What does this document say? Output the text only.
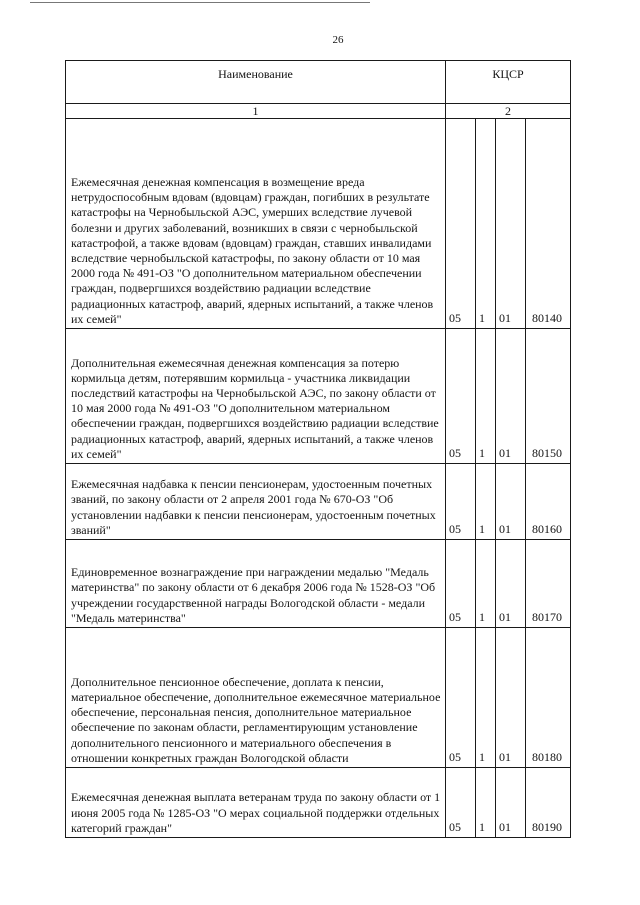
26
Наименование	КЦСР			
1	2			
Ежемесячная денежная компенсация в возмещение вреда нетрудоспособным вдовам (вдовцам) граждан, погибших в результате катастрофы на Чернобыльской АЭС, умерших вследствие лучевой болезни и других заболеваний, возникших в связи с чернобыльской катастрофой, а также вдовам (вдовцам) граждан, ставших инвалидами вследствие чернобыльской катастрофы, по закону области от 10 мая 2000 года № 491-ОЗ "О дополнительном материальном обеспечении граждан, подвергшихся воздействию радиации вследствие радиационных катастроф, аварий, ядерных испытаний, а также членов их семей"	05	1	01	80140
Дополнительная ежемесячная денежная компенсация за потерю кормильца детям, потерявшим кормильца - участника ликвидации последствий катастрофы на Чернобыльской АЭС, по закону области от 10 мая 2000 года № 491-ОЗ "О дополнительном материальном обеспечении граждан, подвергшихся воздействию радиации вследствие радиационных катастроф, аварий, ядерных испытаний, а также членов их семей"	05	1	01	80150
Ежемесячная надбавка к пенсии пенсионерам, удостоенным почетных званий, по закону области от 2 апреля 2001 года № 670-ОЗ "Об установлении надбавки к пенсии пенсионерам, удостоенным почетных званий"	05	1	01	80160
Единовременное вознаграждение при награждении медалью "Медаль материнства" по закону области от 6 декабря 2006 года № 1528-ОЗ "Об учреждении государственной награды Вологодской области - медали "Медаль материнства"	05	1	01	80170
Дополнительное пенсионное обеспечение, доплата к пенсии, материальное обеспечение, дополнительное ежемесячное материальное обеспечение, персональная пенсия, дополнительное материальное обеспечение по законам области, регламентирующим установление дополнительного пенсионного и материального обеспечения в отношении конкретных граждан Вологодской области	05	1	01	80180
Ежемесячная денежная выплата ветеранам труда по закону области от 1 июня 2005 года № 1285-ОЗ "О мерах социальной поддержки отдельных категорий граждан"	05	1	01	80190
